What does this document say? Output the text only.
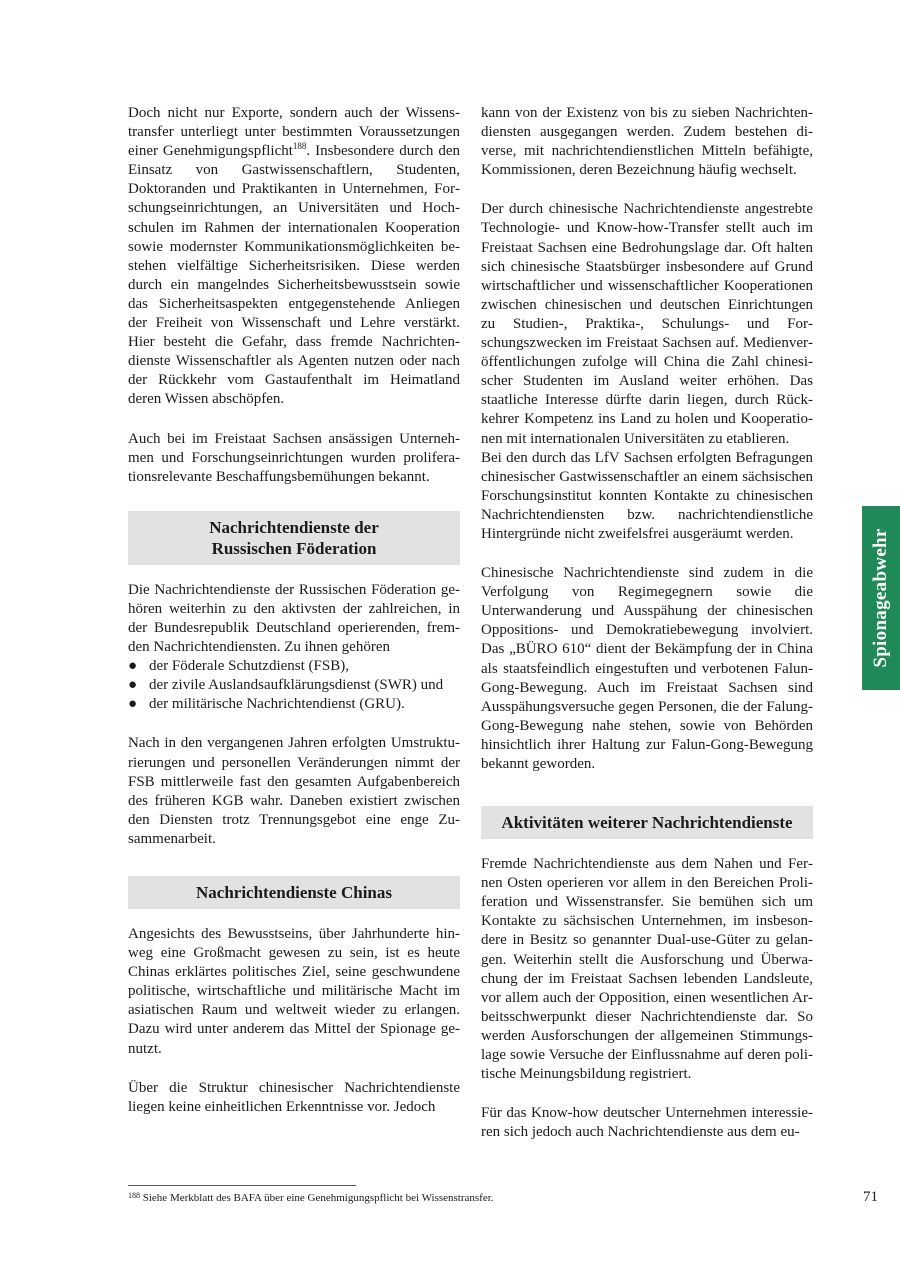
Doch nicht nur Exporte, sondern auch der Wissenstransfer unterliegt unter bestimmten Voraussetzungen einer Genehmigungspflicht$^{188}$. Insbesondere durch den Einsatz von Gastwissenschaftlern, Studenten, Doktoranden und Praktikanten in Unternehmen, Forschungseinrichtungen, an Universitäten und Hochschulen im Rahmen der internationalen Kooperation sowie modernster Kommunikationsmöglichkeiten bestehen vielfältige Sicherheitsrisiken. Diese werden durch ein mangelndes Sicherheitsbewusstsein sowie das Sicherheitsaspekten entgegenstehende Anliegen der Freiheit von Wissenschaft und Lehre verstärkt. Hier besteht die Gefahr, dass fremde Nachrichtendienste Wissenschaftler als Agenten nutzen oder nach der Rückkehr vom Gastaufenthalt im Heimatland deren Wissen abschöpfen.

Auch bei im Freistaat Sachsen ansässigen Unternehmen und Forschungseinrichtungen wurden proliferationsrelevante Beschaffungsbemühungen bekannt.

Nachrichtendienste der
Russischen Föderation

Die Nachrichtendienste der Russischen Föderation gehören weiterhin zu den aktivsten der zahlreichen, in der Bundesrepublik Deutschland operierenden, fremden Nachrichtendiensten. Zu ihnen gehören

● der Föderale Schutzdienst (FSB),
● der zivile Auslandsaufklärungsdienst (SWR) und
● der militärische Nachrichtendienst (GRU).

Nach in den vergangenen Jahren erfolgten Umstrukturierungen und personellen Veränderungen nimmt der FSB mittlerweile fast den gesamten Aufgabenbereich des früheren KGB wahr. Daneben existiert zwischen den Diensten trotz Trennungsgebot eine enge Zusammenarbeit.

Nachrichtendienste Chinas

Angesichts des Bewusstseins, über Jahrhunderte hinweg eine Großmacht gewesen zu sein, ist es heute Chinas erklärtes politisches Ziel, seine geschwundene politische, wirtschaftliche und militärische Macht im asiatischen Raum und weltweit wieder zu erlangen. Dazu wird unter anderem das Mittel der Spionage genutzt.

Über die Struktur chinesischer Nachrichtendienste liegen keine einheitlichen Erkenntnisse vor. Jedoch

kann von der Existenz von bis zu sieben Nachrichtendiensten ausgegangen werden. Zudem bestehen diverse, mit nachrichtendienstlichen Mitteln befähigte, Kommissionen, deren Bezeichnung häufig wechselt.

Der durch chinesische Nachrichtendienste angestrebte Technologie- und Know-how-Transfer stellt auch im Freistaat Sachsen eine Bedrohungslage dar. Oft halten sich chinesische Staatsbürger insbesondere auf Grund wirtschaftlicher und wissenschaftlicher Kooperationen zwischen chinesischen und deutschen Einrichtungen zu Studien-, Praktika-, Schulungs- und Forschungszwecken im Freistaat Sachsen auf. Medienveröffentlichungen zufolge will China die Zahl chinesischer Studenten im Ausland weiter erhöhen. Das staatliche Interesse dürfte darin liegen, durch Rückkehrer Kompetenz ins Land zu holen und Kooperationen mit internationalen Universitäten zu etablieren.

Bei den durch das LfV Sachsen erfolgten Befragungen chinesischer Gastwissenschaftler an einem sächsischen Forschungsinstitut konnten Kontakte zu chinesischen Nachrichtendiensten bzw. nachrichtendienstliche Hintergründe nicht zweifelsfrei ausgeräumt werden.

Chinesische Nachrichtendienste sind zudem in die Verfolgung von Regimegegnern sowie die Unterwanderung und Ausspähung der chinesischen Oppositions- und Demokratiebewegung involviert. Das „BÜRO 610“ dient der Bekämpfung der in China als staatsfeindlich eingestuften und verbotenen Falun-Gong-Bewegung. Auch im Freistaat Sachsen sind Ausspähungsversuche gegen Personen, die der Falung-Gong-Bewegung nahe stehen, sowie von Behörden hinsichtlich ihrer Haltung zur Falun-Gong-Bewegung bekannt geworden.

Aktivitäten weiterer Nachrichtendienste

Fremde Nachrichtendienste aus dem Nahen und Fernen Osten operieren vor allem in den Bereichen Proliferation und Wissenstransfer. Sie bemühen sich um Kontakte zu sächsischen Unternehmen, im insbesondere in Besitz so genannter Dual-use-Güter zu gelangen. Weiterhin stellt die Ausforschung und Überwachung der im Freistaat Sachsen lebenden Landsleute, vor allem auch der Opposition, einen wesentlichen Arbeitsschwerpunkt dieser Nachrichtendienste dar. So werden Ausforschungen der allgemeinen Stimmungslage sowie Versuche der Einflussnahme auf deren politische Meinungsbildung registriert.

Für das Know-how deutscher Unternehmen interessieren sich jedoch auch Nachrichtendienste aus dem eu-

Spionageabwehr
$^{188}$ Siehe Merkblatt des BAFA über eine Genehmigungspflicht bei Wissenstransfer.	71
